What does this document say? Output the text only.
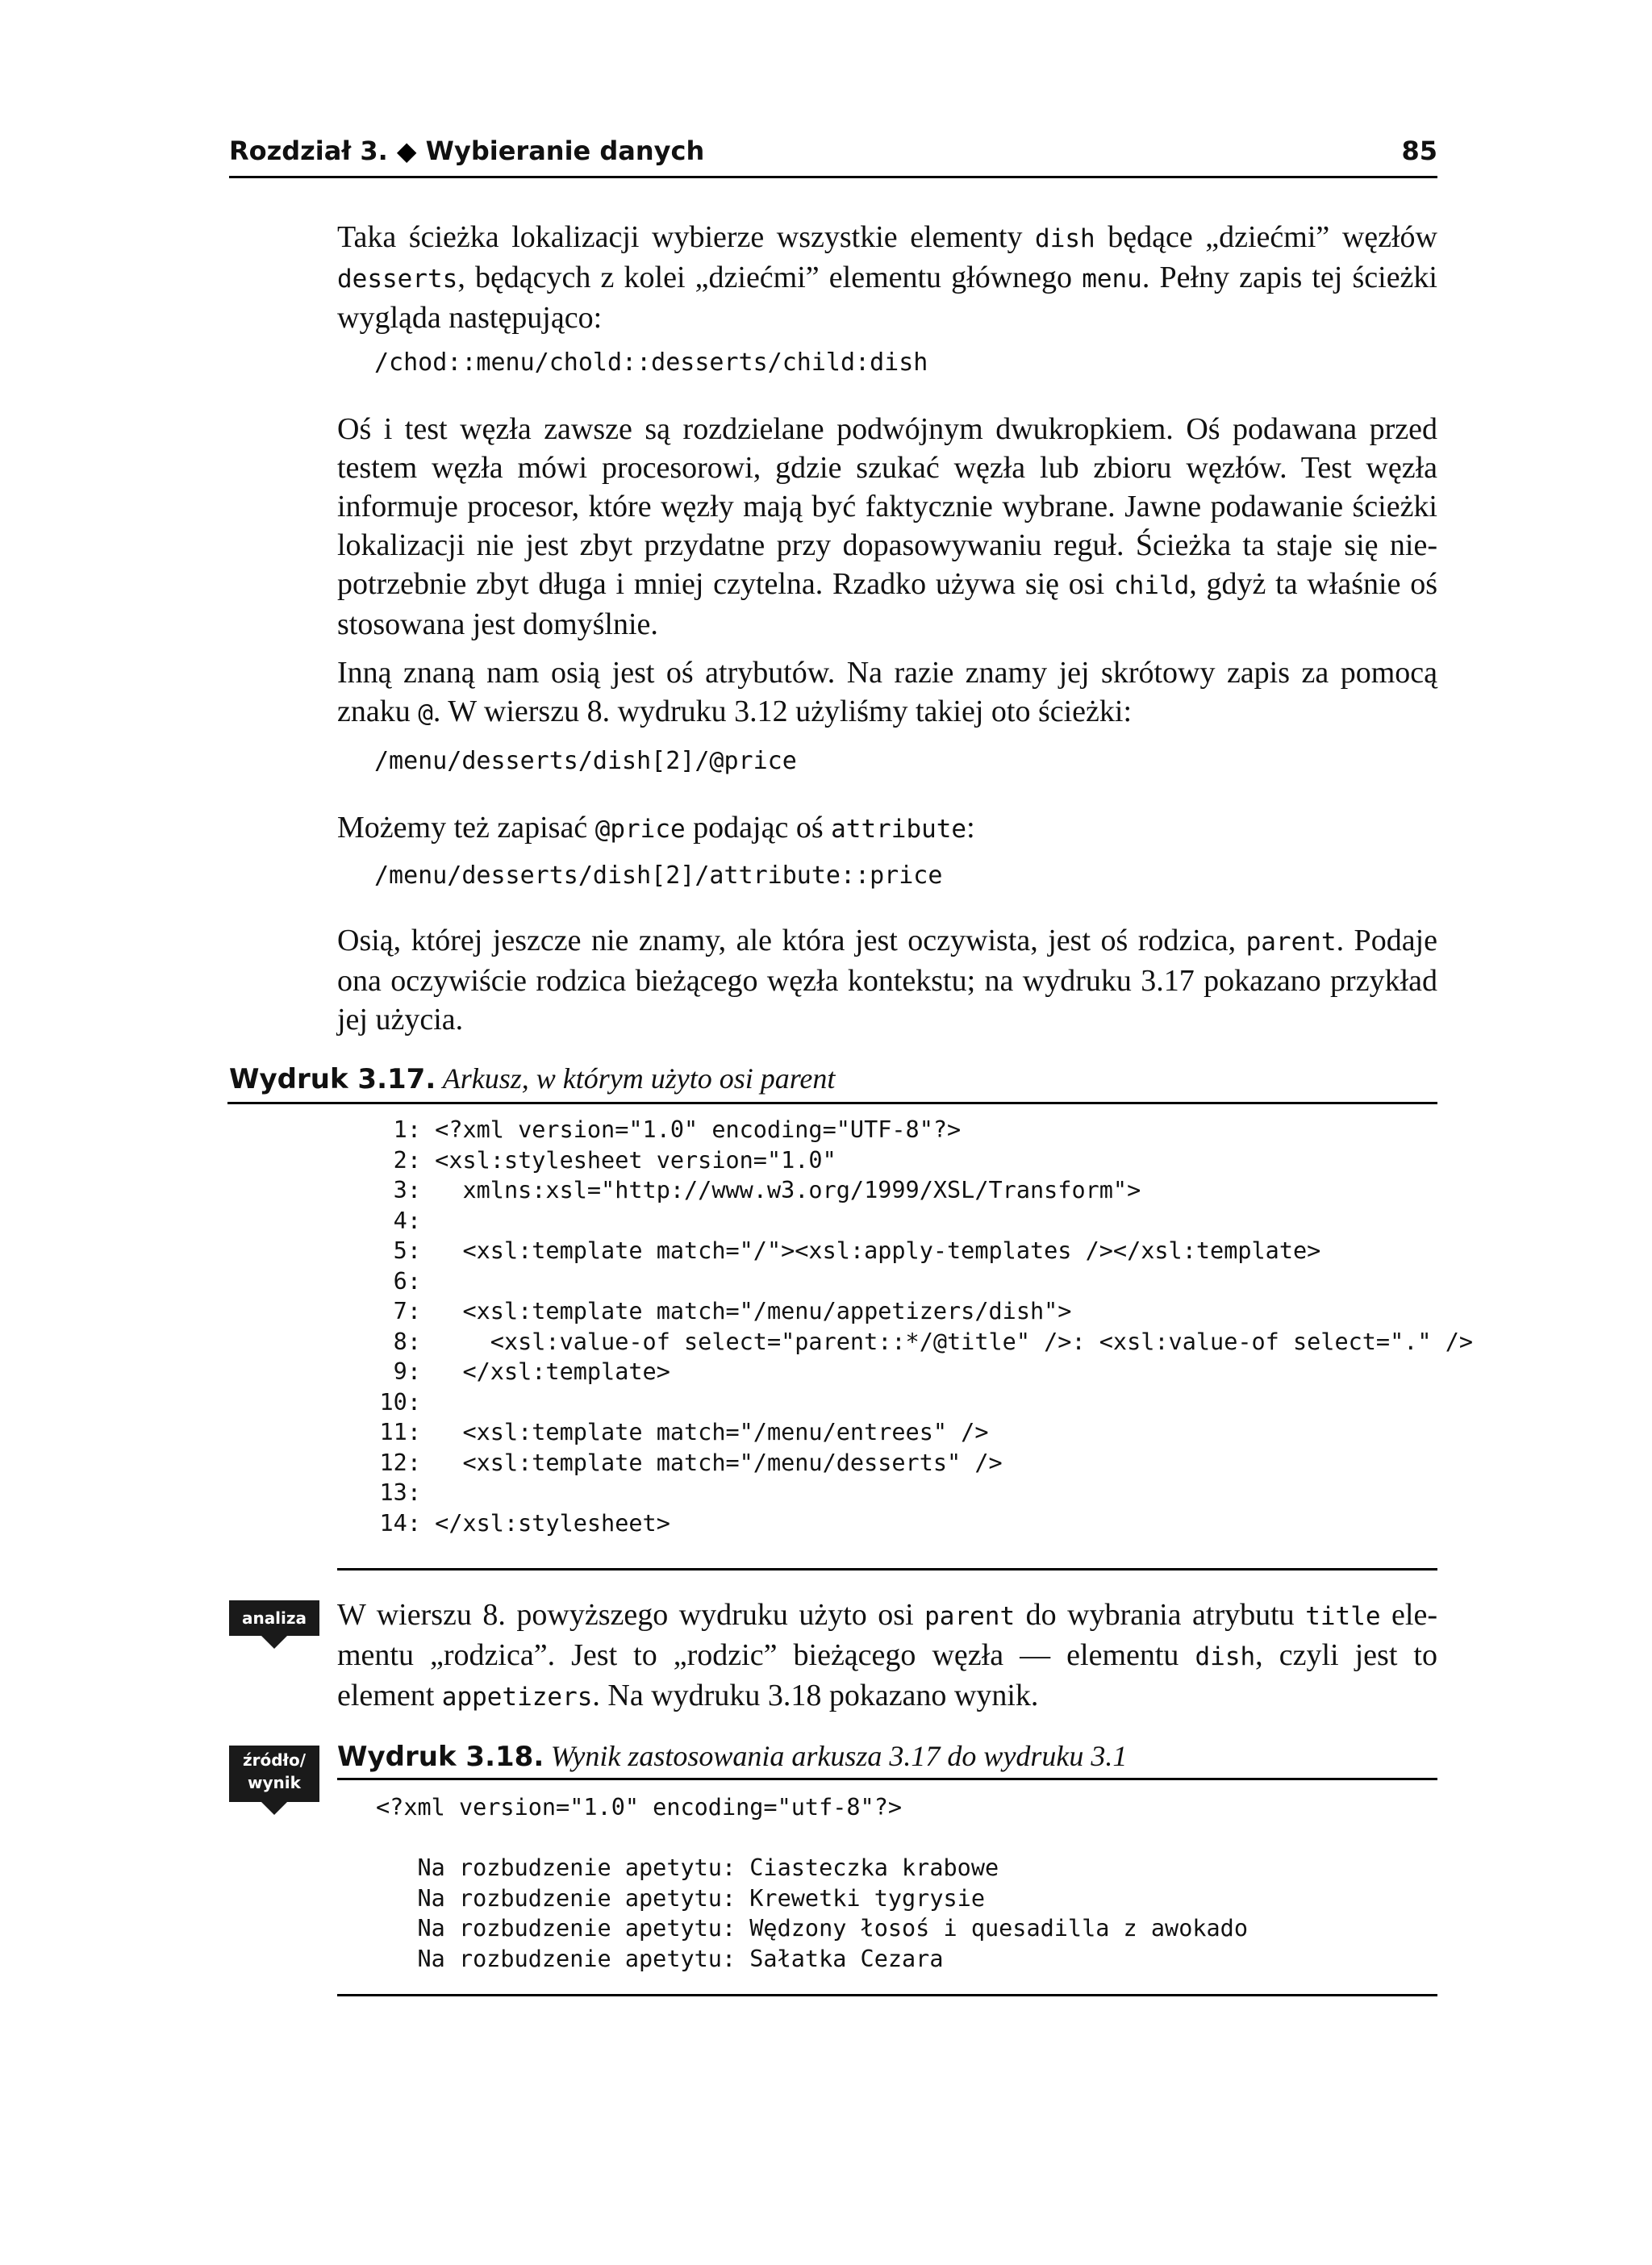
Rozdział 3. ◆ Wybieranie danych	85
Taka ścieżka lokalizacji wybierze wszystkie elementy dish będące „dziećmi” węzłów desserts, będących z kolei „dziećmi” elementu głównego menu. Pełny zapis tej ścieżki wygląda następująco:
/chod::menu/chold::desserts/child:dish
Oś i test węzła zawsze są rozdzielane podwójnym dwukropkiem. Oś podawana przed testem węzła mówi procesorowi, gdzie szukać węzła lub zbioru węzłów. Test węzła informuje procesor, które węzły mają być faktycznie wybrane. Jawne podawanie ścieżki lokalizacji nie jest zbyt przydatne przy dopasowywaniu reguł. Ścieżka ta staje się nie-potrzebnie zbyt długa i mniej czytelna. Rzadko używa się osi child, gdyż ta właśnie oś stosowana jest domyślnie.
Inną znaną nam osią jest oś atrybutów. Na razie znamy jej skrótowy zapis za pomocą znaku @. W wierszu 8. wydruku 3.12 użyliśmy takiej oto ścieżki:
/menu/desserts/dish[2]/@price
Możemy też zapisać @price podając oś attribute:
/menu/desserts/dish[2]/attribute::price
Osią, której jeszcze nie znamy, ale która jest oczywista, jest oś rodzica, parent. Podaje ona oczywiście rodzica bieżącego węzła kontekstu; na wydruku 3.17 pokazano przykład jej użycia.
Wydruk 3.17. Arkusz, w którym użyto osi parent
1: <?xml version="1.0" encoding="UTF-8"?>
2: <xsl:stylesheet version="1.0"
3:   xmlns:xsl="http://www.w3.org/1999/XSL/Transform">
4:
5:   <xsl:template match="/"><xsl:apply-templates /></xsl:template>
6:
7:   <xsl:template match="/menu/appetizers/dish">
8:     <xsl:value-of select="parent::*/@title" />: <xsl:value-of select="." />
9:   </xsl:template>
10:
11:   <xsl:template match="/menu/entrees" />
12:   <xsl:template match="/menu/desserts" />
13:
14: </xsl:stylesheet>
analiza W wierszu 8. powyższego wydruku użyto osi parent do wybrania atrybutu title ele-mentu „rodzica”. Jest to „rodzic” bieżącego węzła — elementu dish, czyli jest to element appetizers. Na wydruku 3.18 pokazano wynik.
źródło/
wynik
Wydruk 3.18. Wynik zastosowania arkusza 3.17 do wydruku 3.1
<?xml version="1.0" encoding="utf-8"?>
Na rozbudzenie apetytu: Ciasteczka krabowe
Na rozbudzenie apetytu: Krewetki tygrysie
Na rozbudzenie apetytu: Wędzony łosoś i quesadilla z awokado
Na rozbudzenie apetytu: Sałatka Cezara
